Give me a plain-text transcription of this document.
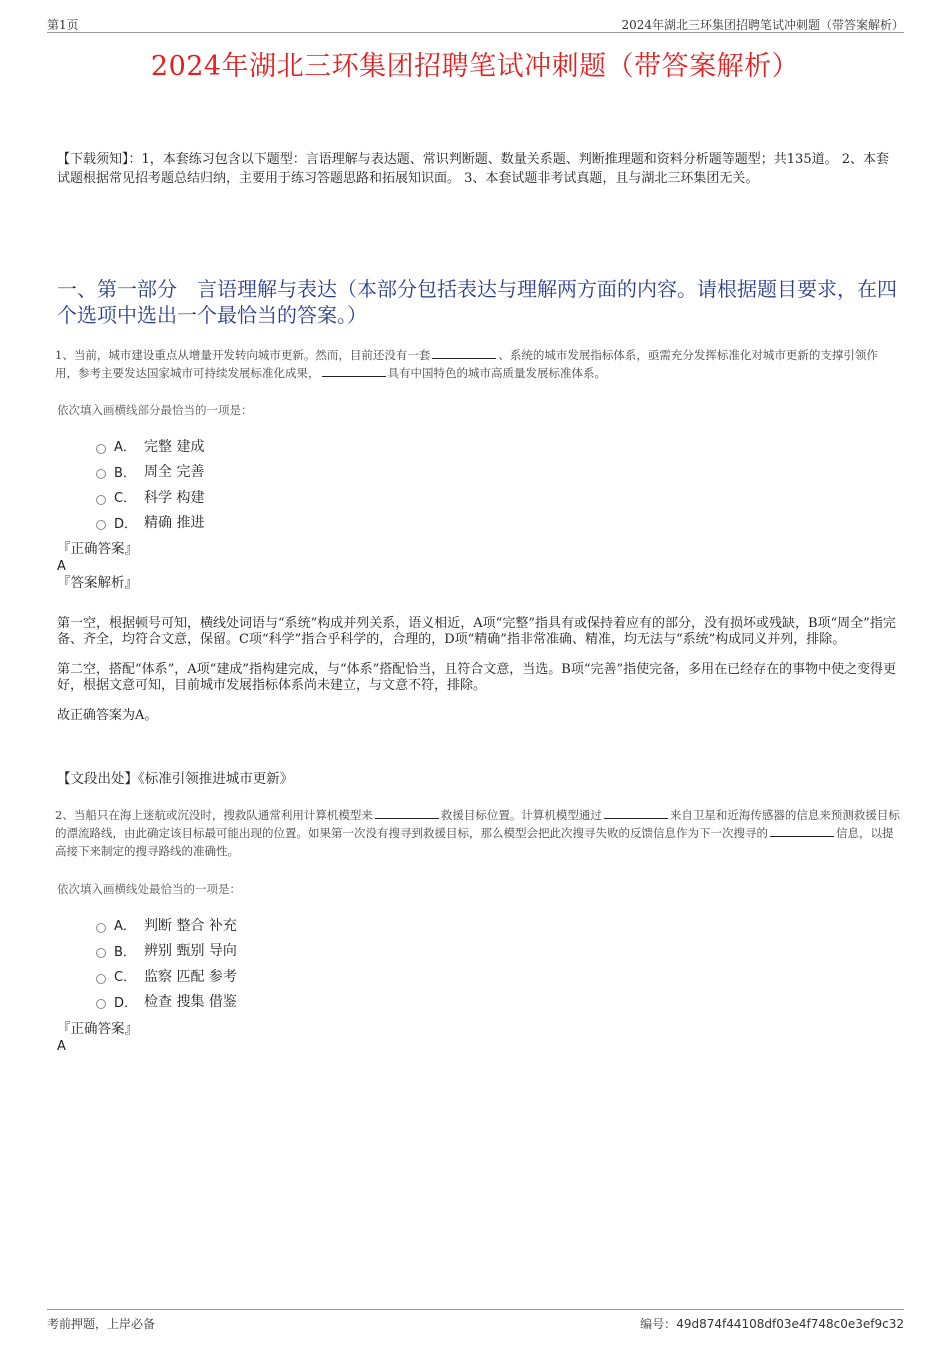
第1页	2024年湖北三环集团招聘笔试冲刺题（带答案解析）
2024年湖北三环集团招聘笔试冲刺题（带答案解析）
【下载须知】：1，本套练习包含以下题型：言语理解与表达题、常识判断题、数量关系题、判断推理题和资料分析题等题型；共135道。 2、本套试题根据常见招考题总结归纳，主要用于练习答题思路和拓展知识面。 3、本套试题非考试真题，且与湖北三环集团无关。
一、第一部分　言语理解与表达（本部分包括表达与理解两方面的内容。请根据题目要求，在四个选项中选出一个最恰当的答案。）
1、当前，城市建设重点从增量开发转向城市更新。然而，目前还没有一套	、系统的城市发展指标体系，亟需充分发挥标准化对城市更新的支撑引领作用，参考主要发达国家城市可持续发展标准化成果，	具有中国特色的城市高质量发展标准体系。
依次填入画横线部分最恰当的一项是：
A． 完整 建成
B． 周全 完善
C． 科学 构建
D． 精确 推进
『正确答案』
A
『答案解析』

第一空，根据顿号可知，横线处词语与“系统”构成并列关系，语义相近，A项“完整”指具有或保持着应有的部分，没有损坏或残缺，B项“周全”指完备、齐全，均符合文意，保留。C项“科学”指合乎科学的，合理的，D项“精确”指非常准确、精准，均无法与“系统”构成同义并列，排除。

第二空，搭配“体系”，A项“建成”指构建完成，与“体系”搭配恰当，且符合文意，当选。B项“完善”指使完备，多用在已经存在的事物中使之变得更好，根据文意可知，目前城市发展指标体系尚未建立，与文意不符，排除。

故正确答案为A。

【文段出处】《标准引领推进城市更新》
2、当船只在海上迷航或沉没时，搜救队通常利用计算机模型来	救援目标位置。计算机模型通过	来自卫星和近海传感器的信息来预测救援目标的漂流路线，由此确定该目标最可能出现的位置。如果第一次没有搜寻到救援目标，那么模型会把此次搜寻失败的反馈信息作为下一次搜寻的	信息，以提高接下来制定的搜寻路线的准确性。
依次填入画横线处最恰当的一项是：
A． 判断 整合 补充
B． 辨别 甄别 导向
C． 监察 匹配 参考
D． 检查 搜集 借鉴
『正确答案』
A
考前押题，上岸必备	编号：49d874f44108df03e4f748c0e3ef9c32
